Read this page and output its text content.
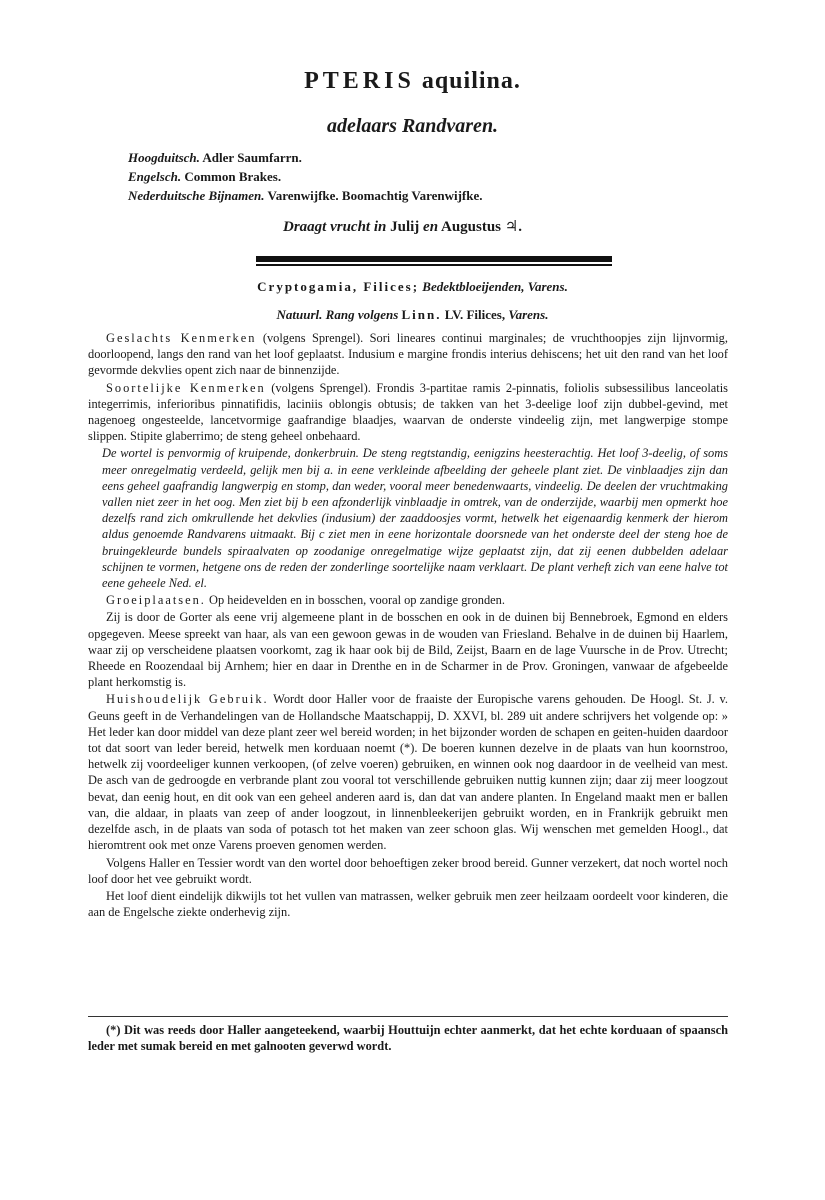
PTERIS aquilina.
adelaars Randvaren.
Hoogduitsch. Adler Saumfarrn.
Engelsch. Common Brakes.
Nederduitsche Bijnamen. Varenwijfke. Boomachtig Varenwijfke.
Draagt vrucht in Julij en Augustus ♃.
Cryptogamia, Filices; Bedektbloeijenden, Varens.
Natuurl. Rang volgens Linn. LV. Filices, Varens.

Geslachts Kenmerken (volgens Sprengel). Sori lineares continui marginales; de vruchthoopjes zijn lijnvormig, doorloopend, langs den rand van het loof geplaatst. Indusium e margine frondis interius dehiscens; het uit den rand van het loof gevormde dekvlies opent zich naar de binnenzijde.

Soortelijke Kenmerken (volgens Sprengel). Frondis 3-partitae ramis 2-pinnatis, foliolis subsessilibus lanceolatis integerrimis, inferioribus pinnatifidis, laciniis oblongis obtusis; de takken van het 3-deelige loof zijn dubbel-gevind, met nagenoeg ongesteelde, lancetvormige gaafrandige blaadjes, waarvan de onderste vindeelig zijn, met langwerpige stompe slippen. Stipite glaberrimo; de steng geheel onbehaard.

De wortel is penvormig of kruipende, donkerbruin. De steng regtstandig, eenigzins heesterachtig. Het loof 3-deelig, of soms meer onregelmatig verdeeld, gelijk men bij a. in eene verkleinde afbeelding der geheele plant ziet. De vinblaadjes zijn dan eens geheel gaafrandig langwerpig en stomp, dan weder, vooral meer benedenwaarts, vindeelig. De deelen der vruchtmaking vallen niet zeer in het oog. Men ziet bij b een afzonderlijk vinblaadje in omtrek, van de onderzijde, waarbij men opmerkt hoe dezelfs rand zich omkrullende het dekvlies (indusium) der zaaddoosjes vormt, hetwelk het eigenaardig kenmerk der hierom aldus genoemde Randvarens uitmaakt. Bij c ziet men in eene horizontale doorsnede van het onderste deel der steng hoe de bruingekleurde bundels spiraalvaten op zoodanige onregelmatige wijze geplaatst zijn, dat zij eenen dubbelden adelaar schijnen te vormen, hetgene ons de reden der zonderlinge soortelijke naam verklaart. De plant verheft zich van eene halve tot eene geheele Ned. el.

Groeiplaatsen. Op heidevelden en in bosschen, vooral op zandige gronden.

Zij is door de Gorter als eene vrij algemeene plant in de bosschen en ook in de duinen bij Bennebroek, Egmond en elders opgegeven. Meese spreekt van haar, als van een gewoon gewas in de wouden van Friesland. Behalve in de duinen bij Haarlem, waar zij op verscheidene plaatsen voorkomt, zag ik haar ook bij de Bild, Zeijst, Baarn en de lage Vuursche in de Prov. Utrecht; Rheede en Roozendaal bij Arnhem; hier en daar in Drenthe en in de Scharmer in de Prov. Groningen, vanwaar de afgebeelde plant herkomstig is.

Huishoudelijk Gebruik. Wordt door Haller voor de fraaiste der Europische varens gehouden. De Hoogl. St. J. v. Geuns geeft in de Verhandelingen van de Hollandsche Maatschappij, D. XXVI, bl. 289 uit andere schrijvers het volgende op: » Het leder kan door middel van deze plant zeer wel bereid worden; in het bijzonder worden de schapen en geiten-huiden daardoor tot dat soort van leder bereid, hetwelk men korduaan noemt (*). De boeren kunnen dezelve in de plaats van hun koornstroo, hetwelk zij voordeeliger kunnen verkoopen, (of zelve voeren) gebruiken, en winnen ook nog daardoor in de veelheid van mest. De asch van de gedroogde en verbrande plant zou vooral tot verschillende gebruiken nuttig kunnen zijn; daar zij meer loogzout bevat, dan eenig hout, en dit ook van een geheel anderen aard is, dan dat van andere planten. In Engeland maakt men er ballen van, die aldaar, in plaats van zeep of ander loogzout, in linnenbleekerijen gebruikt worden, en in Frankrijk gebruikt men dezelfde asch, in de plaats van soda of potasch tot het maken van zeer schoon glas. Wij wenschen met gemelden Hoogl., dat hieromtrent ook met onze Varens proeven genomen werden.

Volgens Haller en Tessier wordt van den wortel door behoeftigen zeker brood bereid. Gunner verzekert, dat noch wortel noch loof door het vee gebruikt wordt.

Het loof dient eindelijk dikwijls tot het vullen van matrassen, welker gebruik men zeer heilzaam oordeelt voor kinderen, die aan de Engelsche ziekte onderhevig zijn.

(*) Dit was reeds door Haller aangeteekend, waarbij Houttuijn echter aanmerkt, dat het echte korduaan of spaansch leder met sumak bereid en met galnooten geverwd wordt.
